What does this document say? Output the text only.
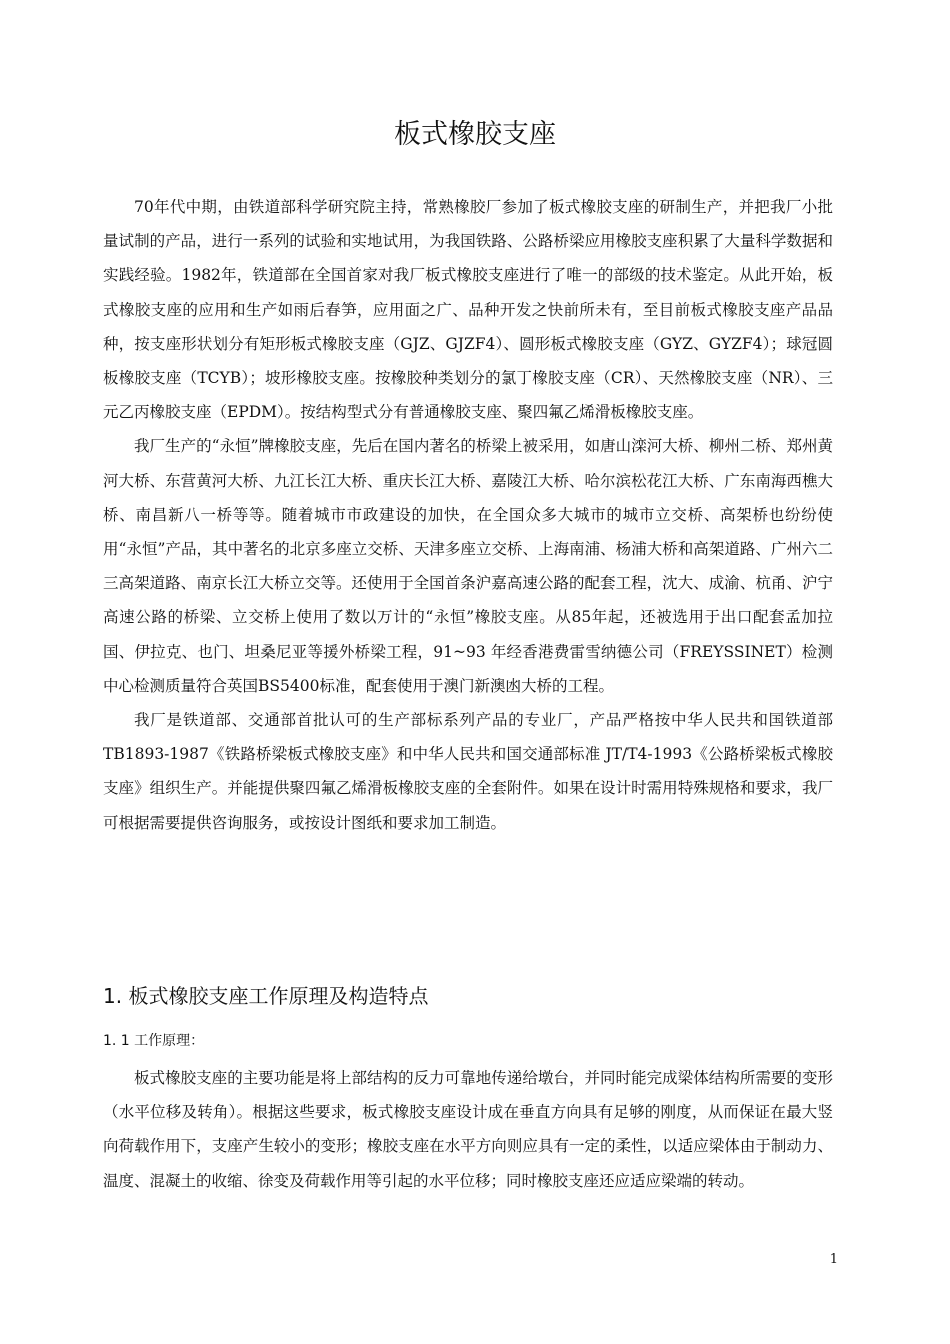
板式橡胶支座

70年代中期，由铁道部科学研究院主持，常熟橡胶厂参加了板式橡胶支座的研制生产，并把我厂小批量试制的产品，进行一系列的试验和实地试用，为我国铁路、公路桥梁应用橡胶支座积累了大量科学数据和实践经验。1982年，铁道部在全国首家对我厂板式橡胶支座进行了唯一的部级的技术鉴定。从此开始，板式橡胶支座的应用和生产如雨后春笋，应用面之广、品种开发之快前所未有，至目前板式橡胶支座产品品种，按支座形状划分有矩形板式橡胶支座（GJZ、GJZF4）、圆形板式橡胶支座（GYZ、GYZF4）；球冠圆板橡胶支座（TCYB）；坡形橡胶支座。按橡胶种类划分的氯丁橡胶支座（CR）、天然橡胶支座（NR）、三元乙丙橡胶支座（EPDM）。按结构型式分有普通橡胶支座、聚四氟乙烯滑板橡胶支座。

我厂生产的“永恒”牌橡胶支座，先后在国内著名的桥梁上被采用，如唐山滦河大桥、柳州二桥、郑州黄河大桥、东营黄河大桥、九江长江大桥、重庆长江大桥、嘉陵江大桥、哈尔滨松花江大桥、广东南海西樵大桥、南昌新八一桥等等。随着城市市政建设的加快，在全国众多大城市的城市立交桥、高架桥也纷纷使用“永恒”产品，其中著名的北京多座立交桥、天津多座立交桥、上海南浦、杨浦大桥和高架道路、广州六二三高架道路、南京长江大桥立交等。还使用于全国首条沪嘉高速公路的配套工程，沈大、成渝、杭甬、沪宁高速公路的桥梁、立交桥上使用了数以万计的“永恒”橡胶支座。从85年起，还被选用于出口配套孟加拉国、伊拉克、也门、坦桑尼亚等援外桥梁工程，91~93 年经香港费雷雪纳德公司（FREYSSINET）检测中心检测质量符合英国BS5400标准，配套使用于澳门新澳凼大桥的工程。

我厂是铁道部、交通部首批认可的生产部标系列产品的专业厂，产品严格按中华人民共和国铁道部 TB1893-1987《铁路桥梁板式橡胶支座》和中华人民共和国交通部标准 JT/T4-1993《公路桥梁板式橡胶支座》组织生产。并能提供聚四氟乙烯滑板橡胶支座的全套附件。如果在设计时需用特殊规格和要求，我厂可根据需要提供咨询服务，或按设计图纸和要求加工制造。

1. 板式橡胶支座工作原理及构造特点
1. 1 工作原理：

板式橡胶支座的主要功能是将上部结构的反力可靠地传递给墩台，并同时能完成梁体结构所需要的变形（水平位移及转角）。根据这些要求，板式橡胶支座设计成在垂直方向具有足够的刚度，从而保证在最大竖向荷载作用下，支座产生较小的变形；橡胶支座在水平方向则应具有一定的柔性，以适应梁体由于制动力、温度、混凝土的收缩、徐变及荷载作用等引起的水平位移；同时橡胶支座还应适应梁端的转动。

1
